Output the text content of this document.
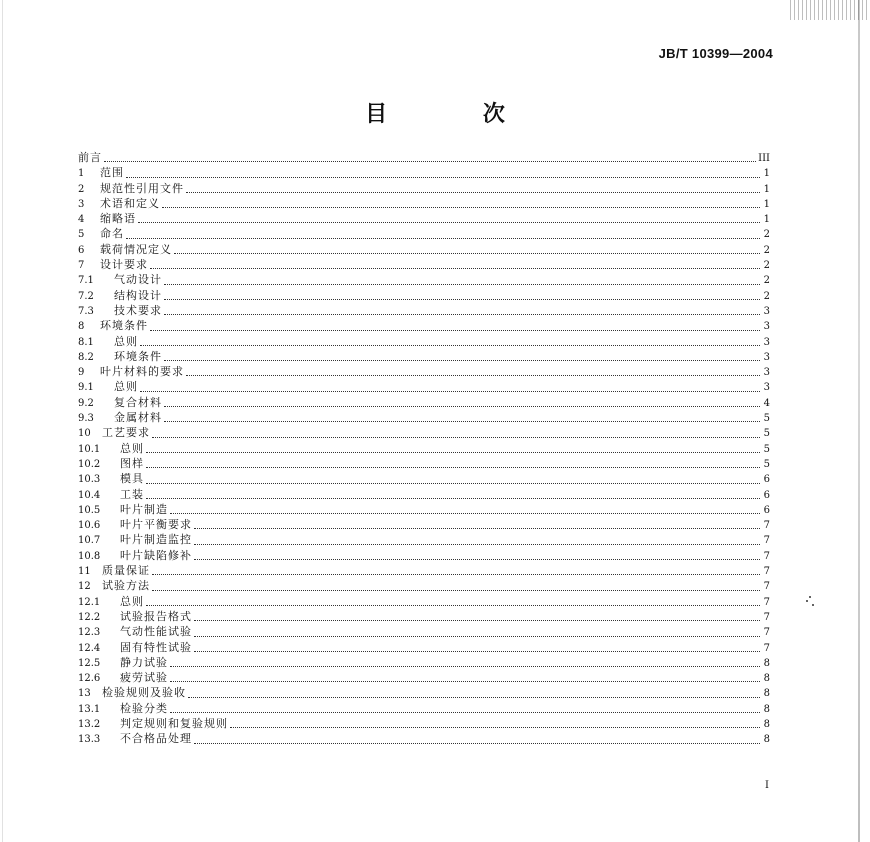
JB/T 10399—2004
目 次
前言	III
1	范围	1
2	规范性引用文件	1
3	术语和定义	1
4	缩略语	1
5	命名	2
6	载荷情况定义	2
7	设计要求	2
7.1	气动设计	2
7.2	结构设计	2
7.3	技术要求	3
8	环境条件	3
8.1	总则	3
8.2	环境条件	3
9	叶片材料的要求	3
9.1	总则	3
9.2	复合材料	4
9.3	金属材料	5
10	工艺要求	5
10.1	总则	5
10.2	图样	5
10.3	模具	6
10.4	工装	6
10.5	叶片制造	6
10.6	叶片平衡要求	7
10.7	叶片制造监控	7
10.8	叶片缺陷修补	7
11	质量保证	7
12	试验方法	7
12.1	总则	7
12.2	试验报告格式	7
12.3	气动性能试验	7
12.4	固有特性试验	7
12.5	静力试验	8
12.6	疲劳试验	8
13	检验规则及验收	8
13.1	检验分类	8
13.2	判定规则和复验规则	8
13.3	不合格品处理	8
I
